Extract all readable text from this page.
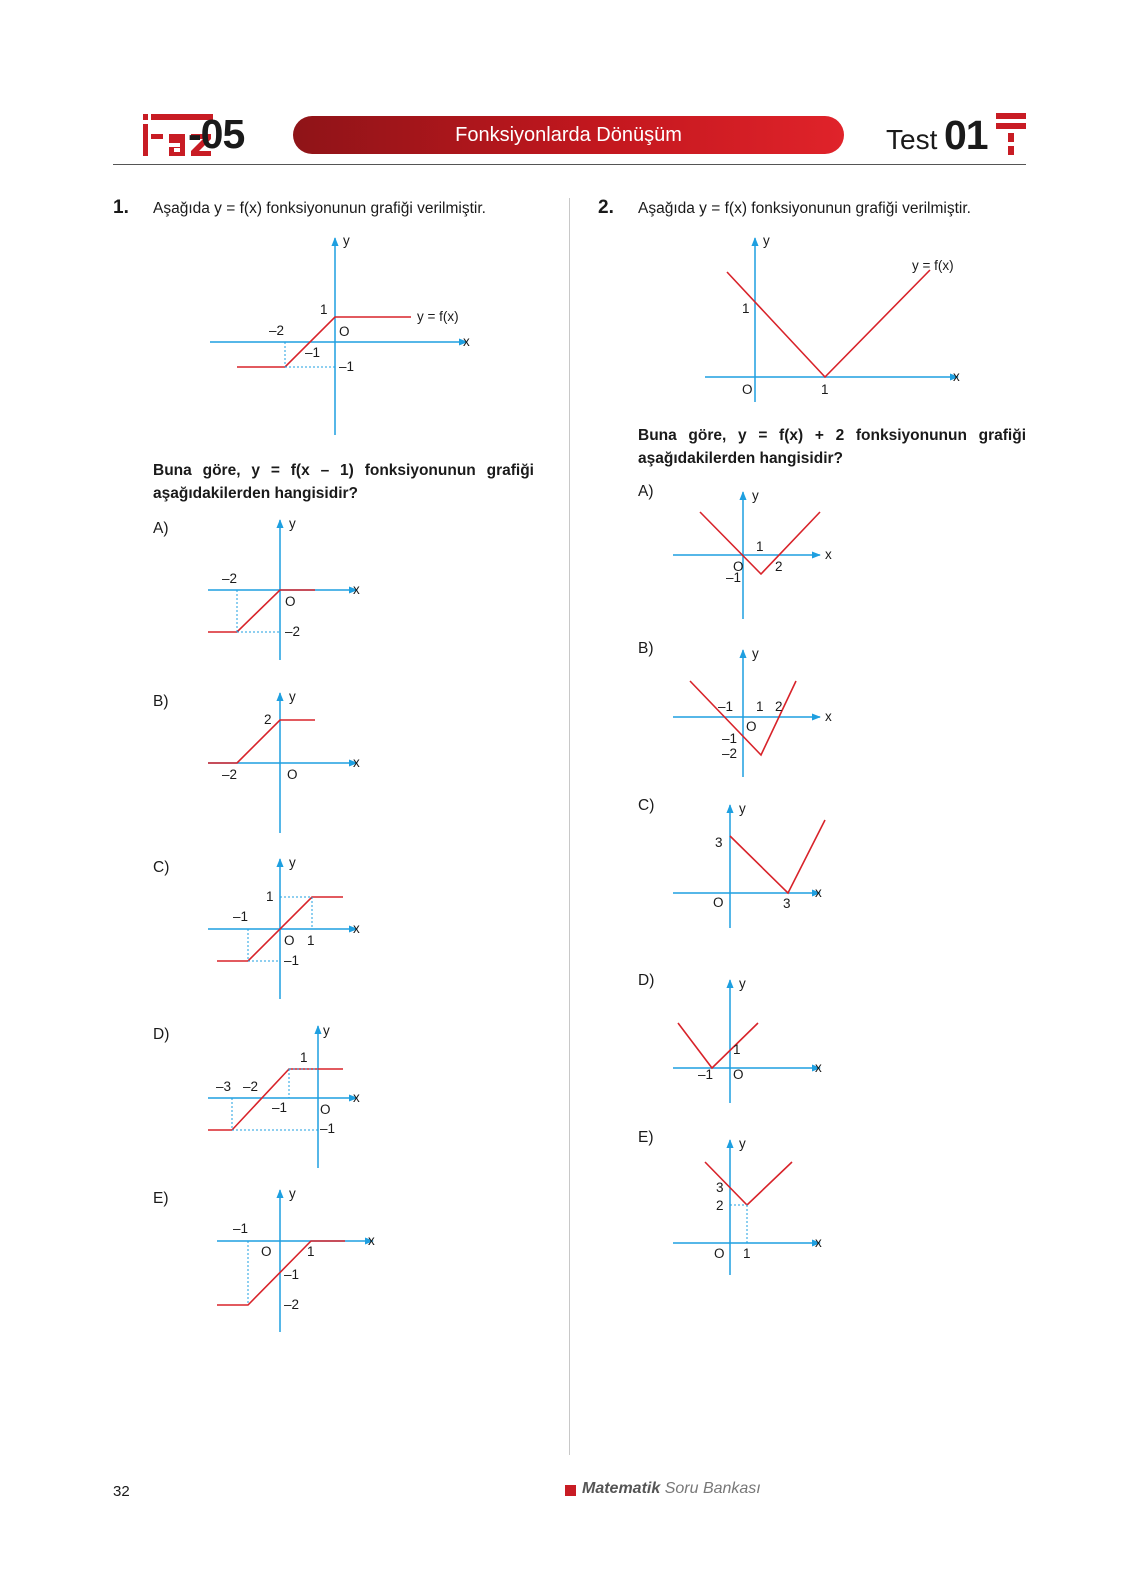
-05	Fonksiyonlarda Dönüşüm	Test 01
1. Aşağıda y = f(x) fonksiyonunun grafiği verilmiştir.
y
x
1
–2	O
–1
–1
y = f(x)
Buna göre, y = f(x – 1) fonksiyonunun grafiği aşağıdakilerden hangisidir?
A)	y
x
–2
O
–2
B)	y
x
2
–2	O
C)	y
x
1
–1
O 1
–1
D)	y
x
1
–3 –2
–1 O
–1
E)	y
x
–1
O	1
–1
–2
2. Aşağıda y = f(x) fonksiyonunun grafiği verilmiştir.
y
x
y = f(x)
1
O	1
Buna göre, y = f(x) + 2 fonksiyonunun grafiği aşağıdakilerden hangisidir?
A)	y
x
1
O 2
–1
B)	y
x
–1 1 2
O
–1
–2
C)	y
x
3
O	3
D)	y
x
1
–1 O
E)	y
x
3
2
O 1
32	Matematik Soru Bankası
